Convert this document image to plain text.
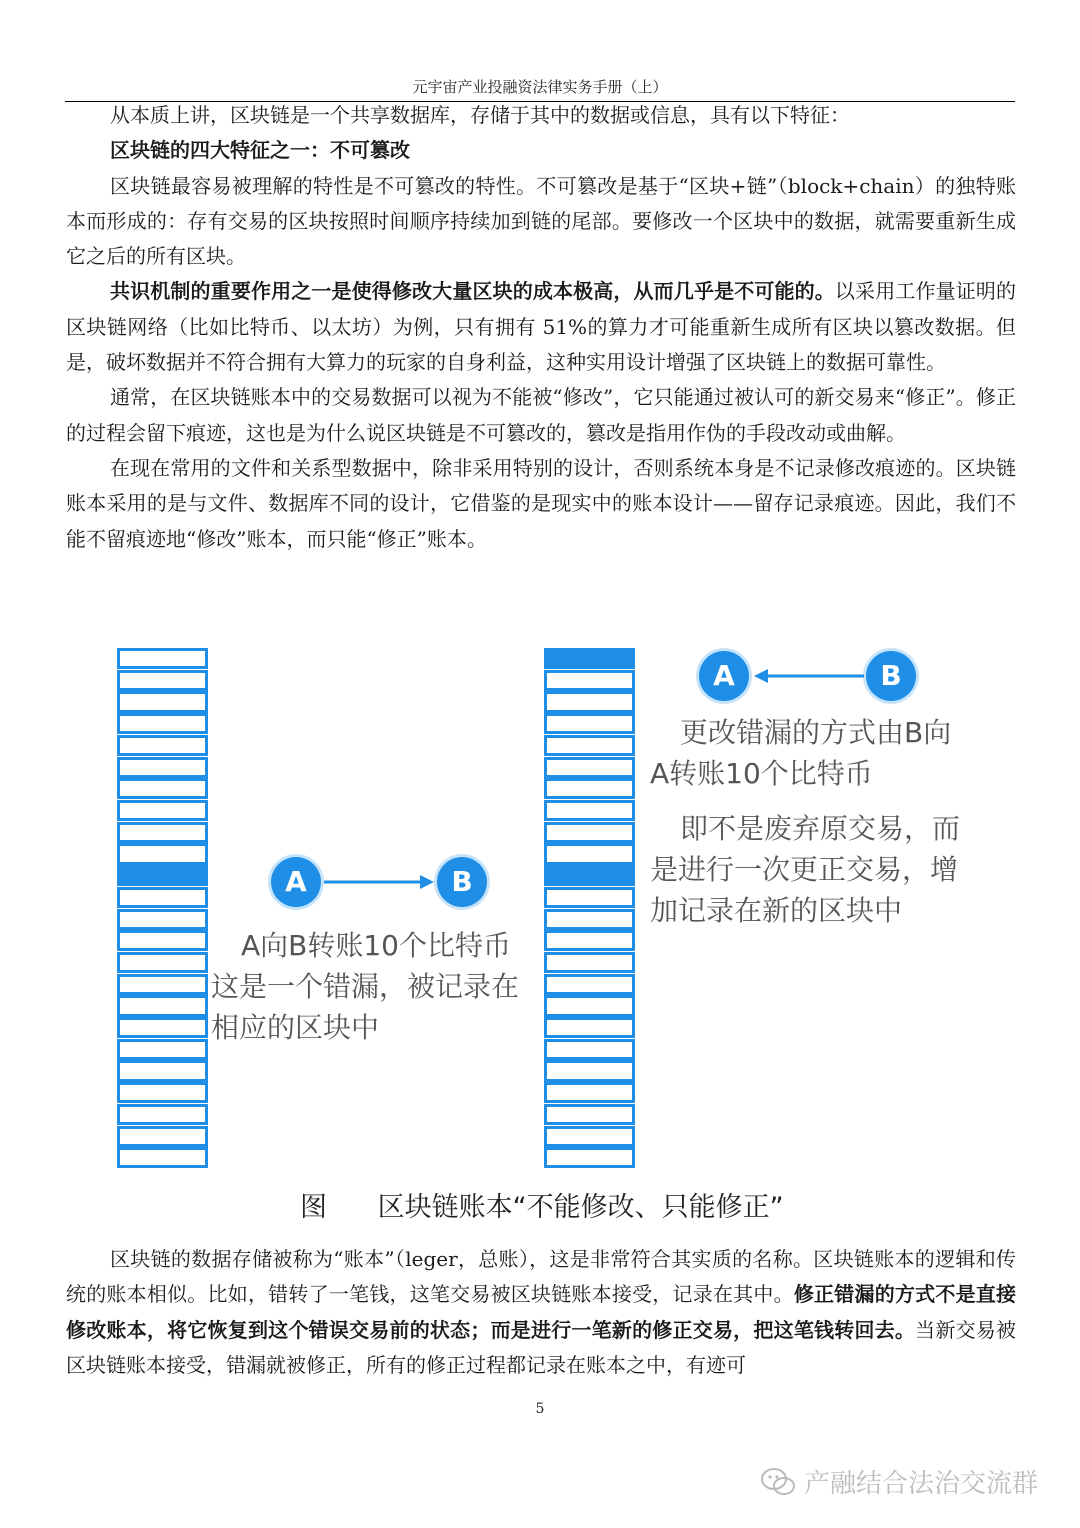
元宇宙产业投融资法律实务手册（上）

从本质上讲，区块链是一个共享数据库，存储于其中的数据或信息，具有以下特征：

区块链的四大特征之一：不可篡改

区块链最容易被理解的特性是不可篡改的特性。不可篡改是基于“区块+链”（block+chain）的独特账本而形成的：存有交易的区块按照时间顺序持续加到链的尾部。要修改一个区块中的数据，就需要重新生成它之后的所有区块。

共识机制的重要作用之一是使得修改大量区块的成本极高，从而几乎是不可能的。以采用工作量证明的区块链网络（比如比特币、以太坊）为例，只有拥有 51%的算力才可能重新生成所有区块以篡改数据。但是，破坏数据并不符合拥有大算力的玩家的自身利益，这种实用设计增强了区块链上的数据可靠性。

通常，在区块链账本中的交易数据可以视为不能被“修改”，它只能通过被认可的新交易来“修正”。修正的过程会留下痕迹，这也是为什么说区块链是不可篡改的，篡改是指用作伪的手段改动或曲解。

在现在常用的文件和关系型数据中，除非采用特别的设计，否则系统本身是不记录修改痕迹的。区块链账本采用的是与文件、数据库不同的设计，它借鉴的是现实中的账本设计——留存记录痕迹。因此，我们不能不留痕迹地“修改”账本，而只能“修正”账本。

A	B
A向B转账10个比特币
这是一个错漏，被记录在
相应的区块中
A	B
更改错漏的方式由B向
A转账10个比特币
即不是废弃原交易，而
是进行一次更正交易，增
加记录在新的区块中
图 区块链账本“不能修改、只能修正”

区块链的数据存储被称为“账本”（leger，总账），这是非常符合其实质的名称。区块链账本的逻辑和传统的账本相似。比如，错转了一笔钱，这笔交易被区块链账本接受，记录在其中。修正错漏的方式不是直接修改账本，将它恢复到这个错误交易前的状态；而是进行一笔新的修正交易，把这笔钱转回去。当新交易被区块链账本接受，错漏就被修正，所有的修正过程都记录在账本之中，有迹可

5
产融结合法治交流群
